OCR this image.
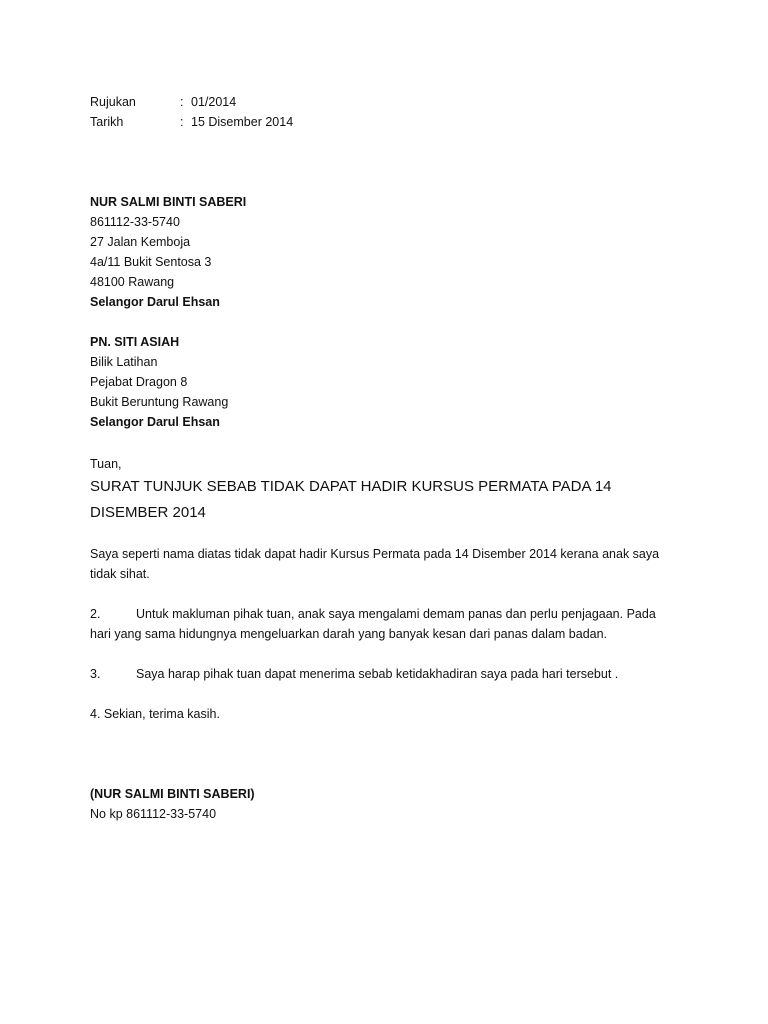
Rujukan	: 01/2014
Tarikh	: 15 Disember 2014
NUR SALMI BINTI SABERI
861112-33-5740
27 Jalan Kemboja
4a/11 Bukit Sentosa 3
48100 Rawang
Selangor Darul Ehsan
PN. SITI ASIAH
Bilik Latihan
Pejabat Dragon 8
Bukit Beruntung Rawang
Selangor Darul Ehsan
Tuan,
SURAT TUNJUK SEBAB TIDAK DAPAT HADIR KURSUS PERMATA PADA 14
DISEMBER 2014
Saya seperti nama diatas tidak dapat hadir Kursus Permata pada 14 Disember 2014 kerana anak saya
tidak sihat.
2.	Untuk makluman pihak tuan, anak saya mengalami demam panas dan perlu penjagaan. Pada
hari yang sama hidungnya mengeluarkan darah yang banyak kesan dari panas dalam badan.
3.	Saya harap pihak tuan dapat menerima sebab ketidakhadiran saya pada hari tersebut .
4. Sekian, terima kasih.
(NUR SALMI BINTI SABERI)
No kp 861112-33-5740
